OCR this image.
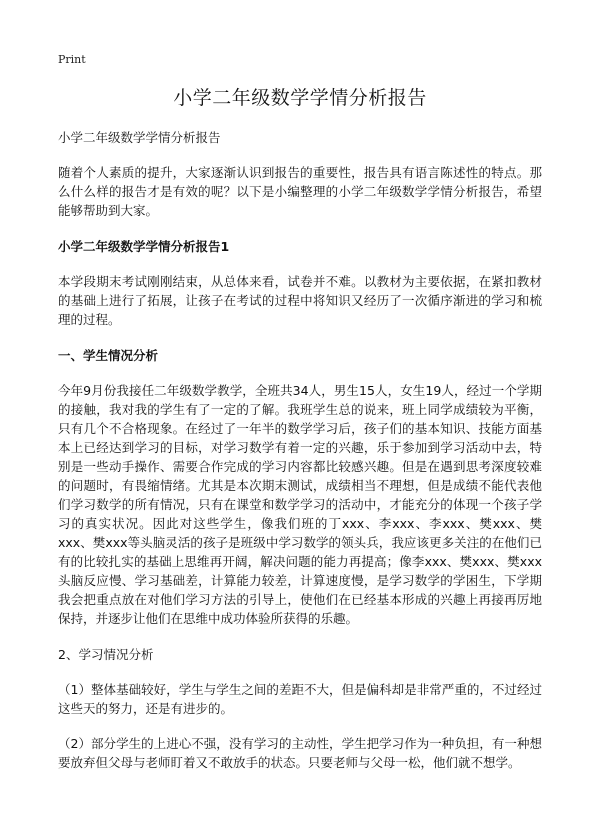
Print
小学二年级数学学情分析报告

小学二年级数学学情分析报告

随着个人素质的提升，大家逐渐认识到报告的重要性，报告具有语言陈述性的特点。那么什么样的报告才是有效的呢？以下是小编整理的小学二年级数学学情分析报告，希望能够帮助到大家。

小学二年级数学学情分析报告1

本学段期末考试刚刚结束，从总体来看，试卷并不难。以教材为主要依据，在紧扣教材的基础上进行了拓展，让孩子在考试的过程中将知识又经历了一次循序渐进的学习和梳理的过程。

一、学生情况分析

今年9月份我接任二年级数学教学，全班共34人，男生15人，女生19人，经过一个学期的接触，我对我的学生有了一定的了解。我班学生总的说来，班上同学成绩较为平衡，只有几个不合格现象。在经过了一年半的数学学习后，孩子们的基本知识、技能方面基本上已经达到学习的目标，对学习数学有着一定的兴趣，乐于参加到学习活动中去，特别是一些动手操作、需要合作完成的学习内容都比较感兴趣。但是在遇到思考深度较难的问题时，有畏缩情绪。尤其是本次期末测试，成绩相当不理想，但是成绩不能代表他们学习数学的所有情况，只有在课堂和数学学习的活动中，才能充分的体现一个孩子学习的真实状况。因此对这些学生，像我们班的丁xxx、李xxx、李xxx、樊xxx、樊xxx、樊xxx等头脑灵活的孩子是班级中学习数学的领头兵，我应该更多关注的在他们已有的比较扎实的基础上思维再开阔，解决问题的能力再提高；像李xxx、樊xxx、樊xxx头脑反应慢、学习基础差，计算能力较差，计算速度慢，是学习数学的学困生，下学期我会把重点放在对他们学习方法的引导上，使他们在已经基本形成的兴趣上再接再厉地保持，并逐步让他们在思维中成功体验所获得的乐趣。

2、学习情况分析

（1）整体基础较好，学生与学生之间的差距不大，但是偏科却是非常严重的，不过经过这些天的努力，还是有进步的。

（2）部分学生的上进心不强，没有学习的主动性，学生把学习作为一种负担，有一种想要放弃但父母与老师盯着又不敢放手的状态。只要老师与父母一松，他们就不想学。
